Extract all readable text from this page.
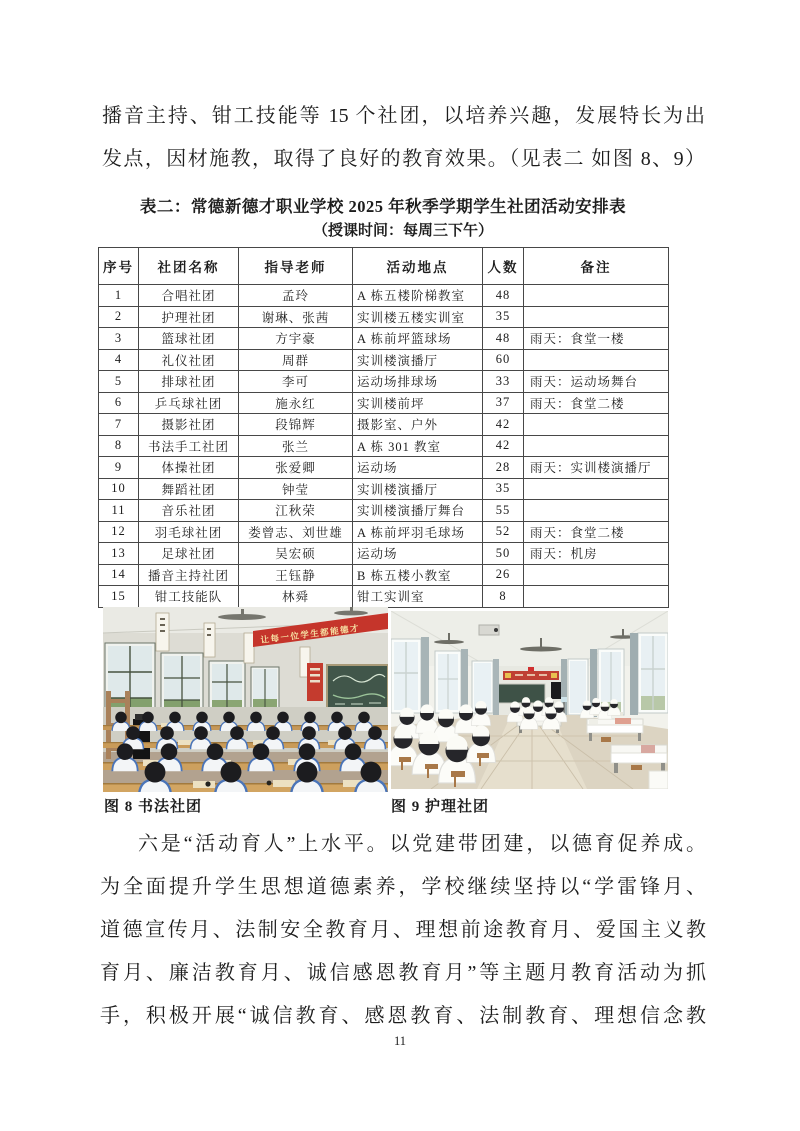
播音主持、钳工技能等 15 个社团，以培养兴趣，发展特长为出
发点，因材施教，取得了良好的教育效果。（见表二 如图 8、9）
表二：常德新德才职业学校 2025 年秋季学期学生社团活动安排表
（授课时间：每周三下午）
序号	社团名称	指导老师	活动地点	人数	备注
1	合唱社团	孟玲	A 栋五楼阶梯教室	48	
2	护理社团	谢琳、张茜	实训楼五楼实训室	35	
3	篮球社团	方宇豪	A 栋前坪篮球场	48	雨天：食堂一楼
4	礼仪社团	周群	实训楼演播厅	60	
5	排球社团	李可	运动场排球场	33	雨天：运动场舞台
6	乒乓球社团	施永红	实训楼前坪	37	雨天：食堂二楼
7	摄影社团	段锦辉	摄影室、户外	42	
8	书法手工社团	张兰	A 栋 301 教室	42	
9	体操社团	张爱卿	运动场	28	雨天：实训楼演播厅
10	舞蹈社团	钟莹	实训楼演播厅	35	
11	音乐社团	江秋荣	实训楼演播厅舞台	55	
12	羽毛球社团	娄曾志、刘世雄	A 栋前坪羽毛球场	52	雨天：食堂二楼
13	足球社团	吴宏硕	运动场	50	雨天：机房
14	播音主持社团	王钰静	B 栋五楼小教室	26	
15	钳工技能队	林舜	钳工实训室	8	
让每一位学生都能德才
图 8 书法社团	图 9 护理社团
六是“活动育人”上水平。以党建带团建，以德育促养成。
为全面提升学生思想道德素养，学校继续坚持以“学雷锋月、
道德宣传月、法制安全教育月、理想前途教育月、爱国主义教
育月、廉洁教育月、诚信感恩教育月”等主题月教育活动为抓
手，积极开展“诚信教育、感恩教育、法制教育、理想信念教
11
